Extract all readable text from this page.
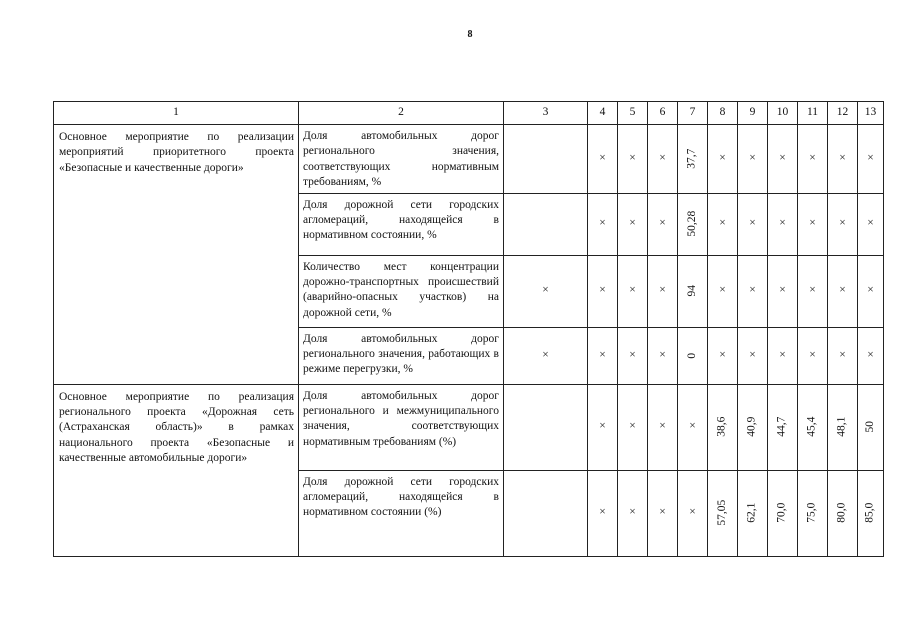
8
1	2	3	4	5	6	7	8	9	10	11	12	13
Основное мероприятие по реализации мероприятий приоритетного проекта «Безопасные и качественные дороги»	Доля автомобильных дорог регионального значения, соответствующих нормативным требованиям, %		×	×	×	37,7	×	×	×	×	×	×
	Доля дорожной сети городских агломераций, находящейся в нормативном состоянии, %		×	×	×	50,28	×	×	×	×	×	×
	Количество мест концентрации дорожно-транспортных происшествий (аварийно-опасных участков) на дорожной сети, %	×	×	×	×	94	×	×	×	×	×	×
	Доля автомобильных дорог регионального значения, работающих в режиме перегрузки, %	×	×	×	×	0	×	×	×	×	×	×
Основное мероприятие по реализация регионального проекта «Дорожная сеть (Астраханская область)» в рамках национального проекта «Безопасные и качественные автомобильные дороги»	Доля автомобильных дорог регионального и межмуниципального значения, соответствующих нормативным требованиям (%)		×	×	×	×	38,6	40,9	44,7	45,4	48,1	50
	Доля дорожной сети городских агломераций, находящейся в нормативном состоянии (%)		×	×	×	×	57,05	62,1	70,0	75,0	80,0	85,0
